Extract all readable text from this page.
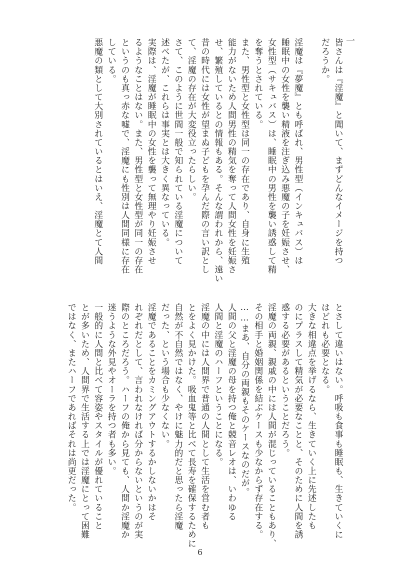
一

皆さんは『淫魔』と聞いて、まずどんなイメージを持つ

だろうか。

淫魔は『夢魔』とも呼ばれ、男性型（インキュバス）は

睡眠中の女性を襲い精液を注ぎ込み悪魔の子を妊娠させ、

女性型（サキュバス）は、睡眠中の男性を襲い誘惑して精

を奪うとされている。

また、男性型と女性型は同一の存在であり、自身に生殖

能力がないため人間男性の精気を奪って人間女性を妊娠さ

せ、繁殖しているとの情報もある。そんな謂われから、遠い

昔の時代には女性が望まぬ子どもを孕んだ際の言い訳とし

て、淫魔の存在が大変役立ったらしい。

さて、このように世間一般で知られている淫魔について

述べたが、これらは事実とは大きく異なっている。

実際は、淫魔が睡眠中の女性を襲って無理やり妊娠させ

るようなことはない。また、男性型と女性型が同一の存在

というのも真っ赤な嘘で、淫魔にも性別は人間同様に存在

している。

悪魔の類として大別されているとはいえ、淫魔とて人間

とさして違いはない。呼吸も食事も睡眠も、生きていくに

はどれも必要となる。

大きな相違点を挙げるなら、生きていく上に先述したも

のにプラスして精気が必要なことと、そのために人間を誘

惑する必要があるということだろう。

淫魔の両親、親戚の中には人間が混じっていることもあり、

その相手と婚姻関係を結ぶケースも少なからず存在する。

……まあ、自分の両親もそのケースなのだが。

人間の父と淫魔の母を持つ俺と競音レオは、いわゆる

人間と淫魔のハーフということになる。

淫魔の中には人間界で普通の人間として生活を営む者も

とをよく見かけた。吸血鬼等と比べて長寿を確保するために

自然が不自然ではなく、やけに魅力的だと思ったら淫魔

だった、という場合も少なくない。

淫魔であることをカミングアウトするかしないかはそ

れぞれだとして、言われなければ分からないというのが実

際のところだろう。ハーフの俺から見ても、人間か淫魔か

迷うような外見やオーラを持つ者も多い。

一般的に人間と比べて容姿やスタイルが優れていること

とが多いため、人間界で生活する上では淫魔にとって困難

ではなく、またハーフであればそれは尚更だった。

6
